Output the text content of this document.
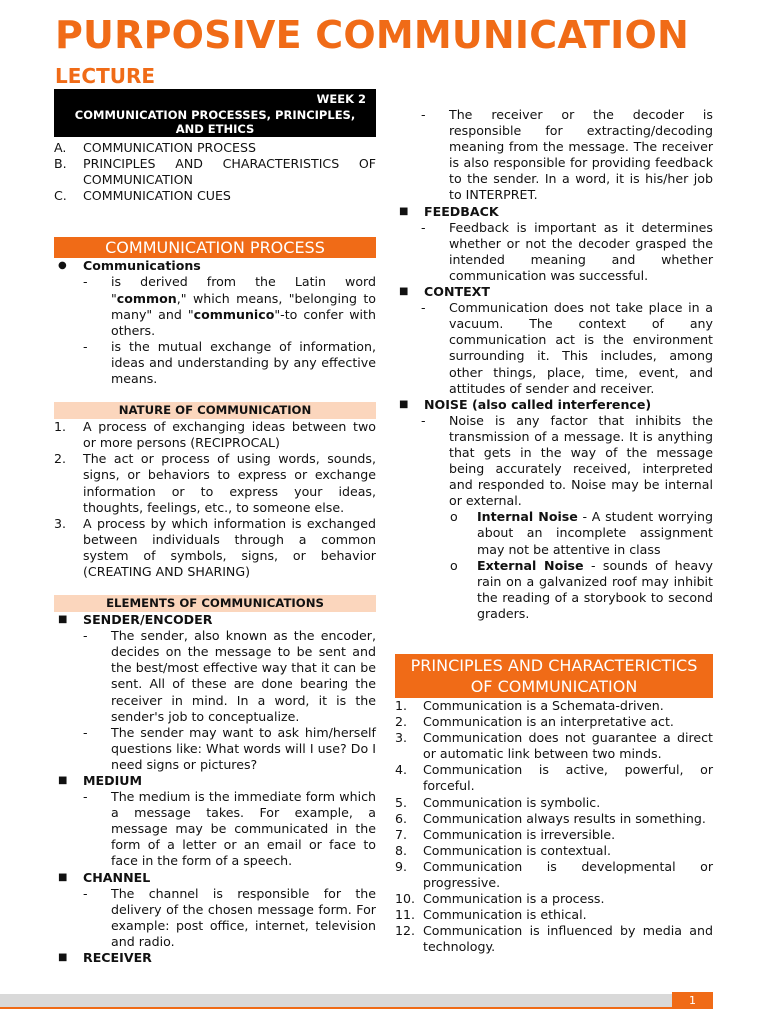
PURPOSIVE COMMUNICATION
LECTURE
WEEK 2
COMMUNICATION PROCESSES, PRINCIPLES, AND ETHICS
A.	COMMUNICATION PROCESS
B.	PRINCIPLES AND CHARACTERISTICS OF COMMUNICATION
C.	COMMUNICATION CUES
COMMUNICATION PROCESS
●	Communications
-	is derived from the Latin word "common," which means, "belonging to many" and "communico"-to confer with others.
-	is the mutual exchange of information, ideas and understanding by any effective means.
NATURE OF COMMUNICATION
1.	A process of exchanging ideas between two or more persons (RECIPROCAL)
2.	The act or process of using words, sounds, signs, or behaviors to express or exchange information or to express your ideas, thoughts, feelings, etc., to someone else.
3.	A process by which information is exchanged between individuals through a common system of symbols, signs, or behavior (CREATING AND SHARING)
ELEMENTS OF COMMUNICATIONS
■	SENDER/ENCODER
-	The sender, also known as the encoder, decides on the message to be sent and the best/most effective way that it can be sent. All of these are done bearing the receiver in mind. In a word, it is the sender's job to conceptualize.
-	The sender may want to ask him/herself questions like: What words will I use? Do I need signs or pictures?
■	MEDIUM
-	The medium is the immediate form which a message takes. For example, a message may be communicated in the form of a letter or an email or face to face in the form of a speech.
■	CHANNEL
-	The channel is responsible for the delivery of the chosen message form. For example: post office, internet, television and radio.
■	RECEIVER
-	The receiver or the decoder is responsible for extracting/decoding meaning from the message. The receiver is also responsible for providing feedback to the sender. In a word, it is his/her job to INTERPRET.
■	FEEDBACK
-	Feedback is important as it determines whether or not the decoder grasped the intended meaning and whether communication was successful.
■	CONTEXT
-	Communication does not take place in a vacuum. The context of any communication act is the environment surrounding it. This includes, among other things, place, time, event, and attitudes of sender and receiver.
■	NOISE (also called interference)
-	Noise is any factor that inhibits the transmission of a message. It is anything that gets in the way of the message being accurately received, interpreted and responded to. Noise may be internal or external.
o	Internal Noise - A student worrying about an incomplete assignment may not be attentive in class
o	External Noise - sounds of heavy rain on a galvanized roof may inhibit the reading of a storybook to second graders.
PRINCIPLES AND CHARACTERICTICS OF COMMUNICATION
1.	Communication is a Schemata-driven.
2.	Communication is an interpretative act.
3.	Communication does not guarantee a direct or automatic link between two minds.
4.	Communication is active, powerful, or forceful.
5.	Communication is symbolic.
6.	Communication always results in something.
7.	Communication is irreversible.
8.	Communication is contextual.
9.	Communication is developmental or progressive.
10. Communication is a process.
11. Communication is ethical.
12. Communication is influenced by media and technology.
1
